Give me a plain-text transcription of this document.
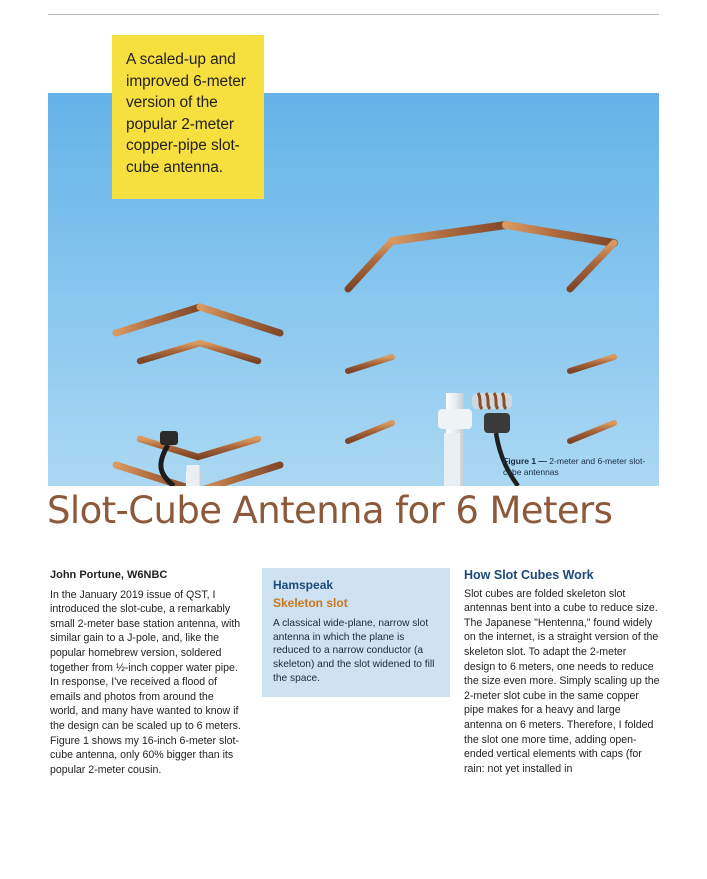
Figure 1 — 2-meter and 6-meter slot-cube antennas
A scaled-up and improved 6-meter version of the popular 2-meter copper-pipe slot-cube antenna.
Slot-Cube Antenna for 6 Meters

John Portune, W6NBC

In the January 2019 issue of QST, I introduced the slot-cube, a remarkably small 2-meter base station antenna, with similar gain to a J-pole, and, like the popular homebrew version, soldered together from ½-inch copper water pipe. In response, I've received a flood of emails and photos from around the world, and many have wanted to know if the design can be scaled up to 6 meters. Figure 1 shows my 16-inch 6-meter slot-cube antenna, only 60% bigger than its popular 2-meter cousin.

Hamspeak
Skeleton slot
A classical wide-plane, narrow slot antenna in which the plane is reduced to a narrow conductor (a skeleton) and the slot widened to fill the space.

How Slot Cubes Work

Slot cubes are folded skeleton slot antennas bent into a cube to reduce size. The Japanese "Hentenna," found widely on the internet, is a straight version of the skeleton slot. To adapt the 2-meter design to 6 meters, one needs to reduce the size even more. Simply scaling up the 2-meter slot cube in the same copper pipe makes for a heavy and large antenna on 6 meters. Therefore, I folded the slot one more time, adding open-ended vertical elements with caps (for rain: not yet installed in
